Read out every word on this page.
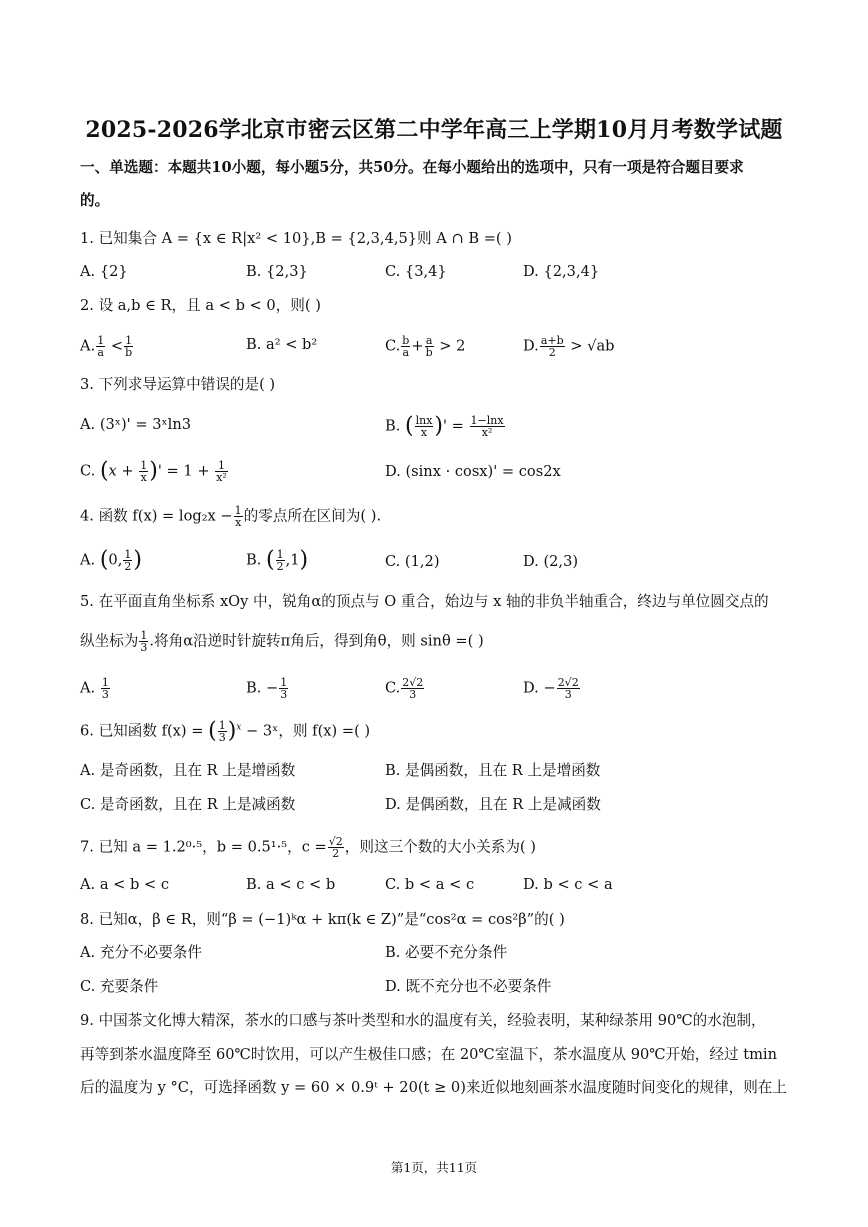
2025-2026学北京市密云区第二中学年高三上学期10月月考数学试题
一、单选题：本题共10小题，每小题5分，共50分。在每小题给出的选项中，只有一项是符合题目要求
的。
1. 已知集合 A = {x ∈ R|x² < 10},B = {2,3,4,5}则 A ∩ B =( )
A. {2}	B. {2,3}	C. {3,4}	D. {2,3,4}
2. 设 a,b ∈ R，且 a < b < 0，则( )
A. $\frac{1}{a} < \frac{1}{b}$	B. a² < b²	C. $\frac{b}{a} + \frac{a}{b} > 2$	D. $\frac{a+b}{2} > √ab$
3. 下列求导运算中错误的是( )
A. (3ˣ)' = 3ˣln3	B. ( $\frac{\ln x}{x}$ )' = $\frac{1-\ln x}{\text{x²}}$
C. ($x + \frac{1}{x}$ )' = $1 + \frac{1}{\text{x²}}$	D. (sinx · cosx)' = cos2x
4. 函数 $f(x) = \log_2x - \frac{1}{x}$ 的零点所在区间为( ).
A. (0, $\frac{1}{2}$ )	B. ( $\frac{1}{2} ,1$)	C. (1,2)	D. (2,3)
5. 在平面直角坐标系 xOy 中，锐角α的顶点与 O 重合，始边与 x 轴的非负半轴重合，终边与单位圆交点的
纵坐标为 $\frac{1}{3}$ .将角α沿逆时针旋转π角后，得到角θ，则 sinθ =( )
A. $\frac{1}{3}$	B. − $\frac{1}{3}$	C. $\frac{2√2}{3}$	D. − $\frac{2√2}{3}$
6. 已知函数 f(x) = ( $\frac{1}{3} )^x$ − 3ˣ，则 f(x) =( )
A. 是奇函数，且在 R 上是增函数	B. 是偶函数，且在 R 上是增函数
C. 是奇函数，且在 R 上是减函数	D. 是偶函数，且在 R 上是减函数
7. 已知 a = 1.2⁰·⁵，b = 0.5¹·⁵，$c = \frac{√2}{2}$ ，则这三个数的大小关系为( )
A. a < b < c	B. a < c < b	C. b < a < c	D. b < c < a
8. 已知α，β ∈ R，则“β = (−1)ᵏα + kπ(k ∈ Z)”是“cos²α = cos²β”的( )
A. 充分不必要条件	B. 必要不充分条件
C. 充要条件	D. 既不充分也不必要条件
9. 中国茶文化博大精深，茶水的口感与茶叶类型和水的温度有关，经验表明，某种绿茶用 90℃的水泡制，
再等到茶水温度降至 60℃时饮用，可以产生极佳口感；在 20℃室温下，茶水温度从 90℃开始，经过 tmin
后的温度为 y °C，可选择函数 y = 60 × 0.9ᵗ + 20(t ≥ 0)来近似地刻画茶水温度随时间变化的规律，则在上
第1页，共11页
